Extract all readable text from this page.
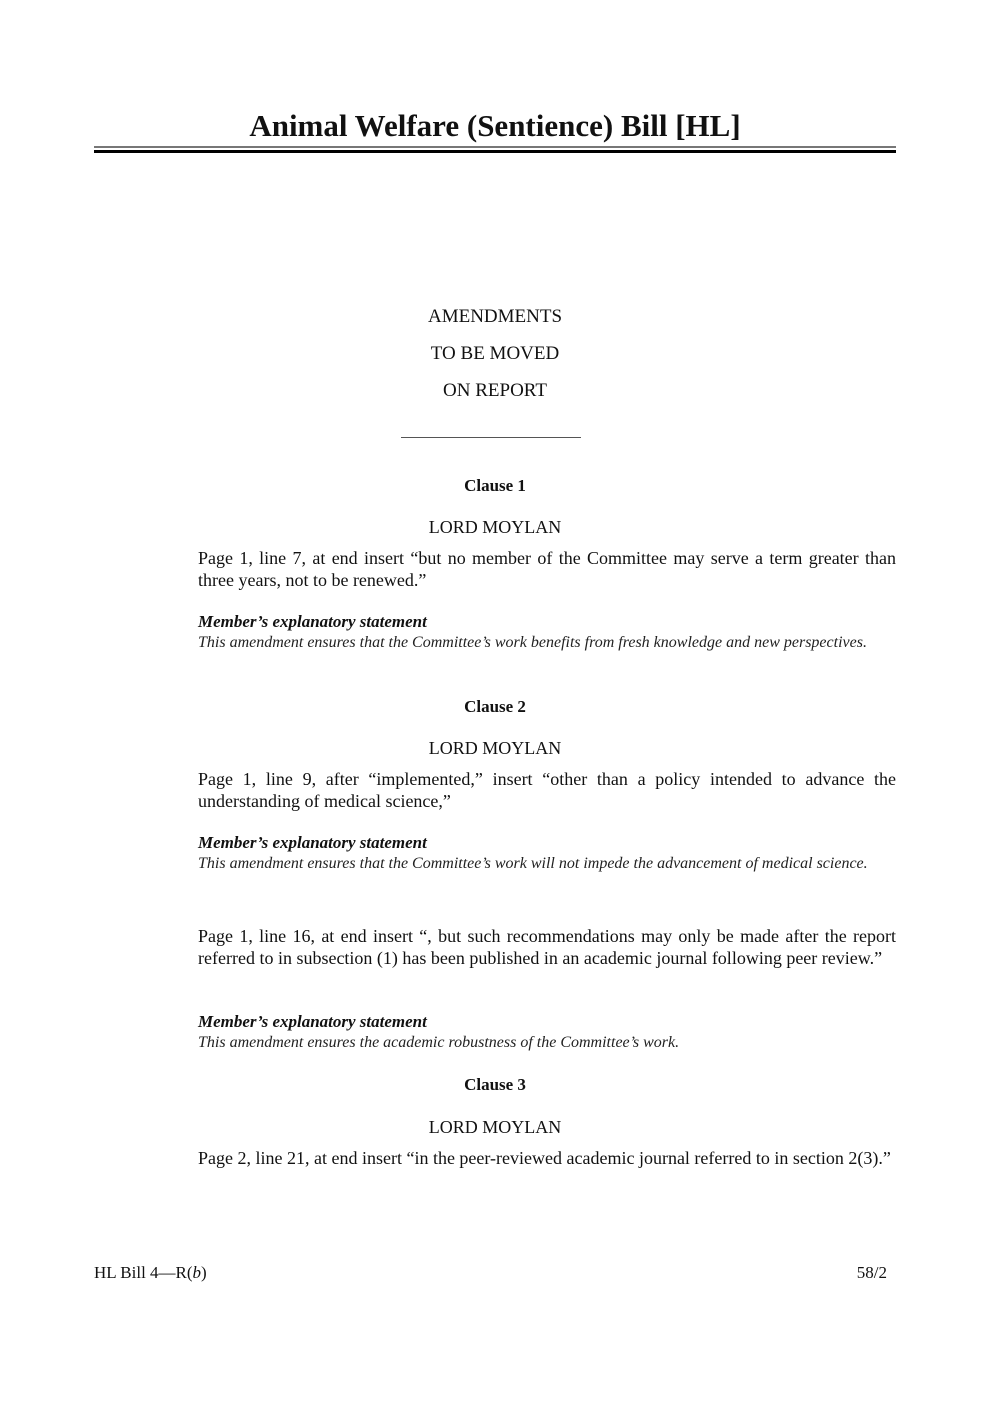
Animal Welfare (Sentience) Bill [HL]
AMENDMENTS
TO BE MOVED
ON REPORT
Clause 1
LORD MOYLAN
Page 1, line 7, at end insert “but no member of the Committee may serve a term greater than three years, not to be renewed.”
Member’s explanatory statement
This amendment ensures that the Committee’s work benefits from fresh knowledge and new perspectives.
Clause 2
LORD MOYLAN
Page 1, line 9, after “implemented,” insert “other than a policy intended to advance the understanding of medical science,”
Member’s explanatory statement
This amendment ensures that the Committee’s work will not impede the advancement of medical science.
Page 1, line 16, at end insert “, but such recommendations may only be made after the report referred to in subsection (1) has been published in an academic journal following peer review.”
Member’s explanatory statement
This amendment ensures the academic robustness of the Committee’s work.
Clause 3
LORD MOYLAN
Page 2, line 21, at end insert “in the peer-reviewed academic journal referred to in section 2(3).”
HL Bill 4—R(b)	58/2
